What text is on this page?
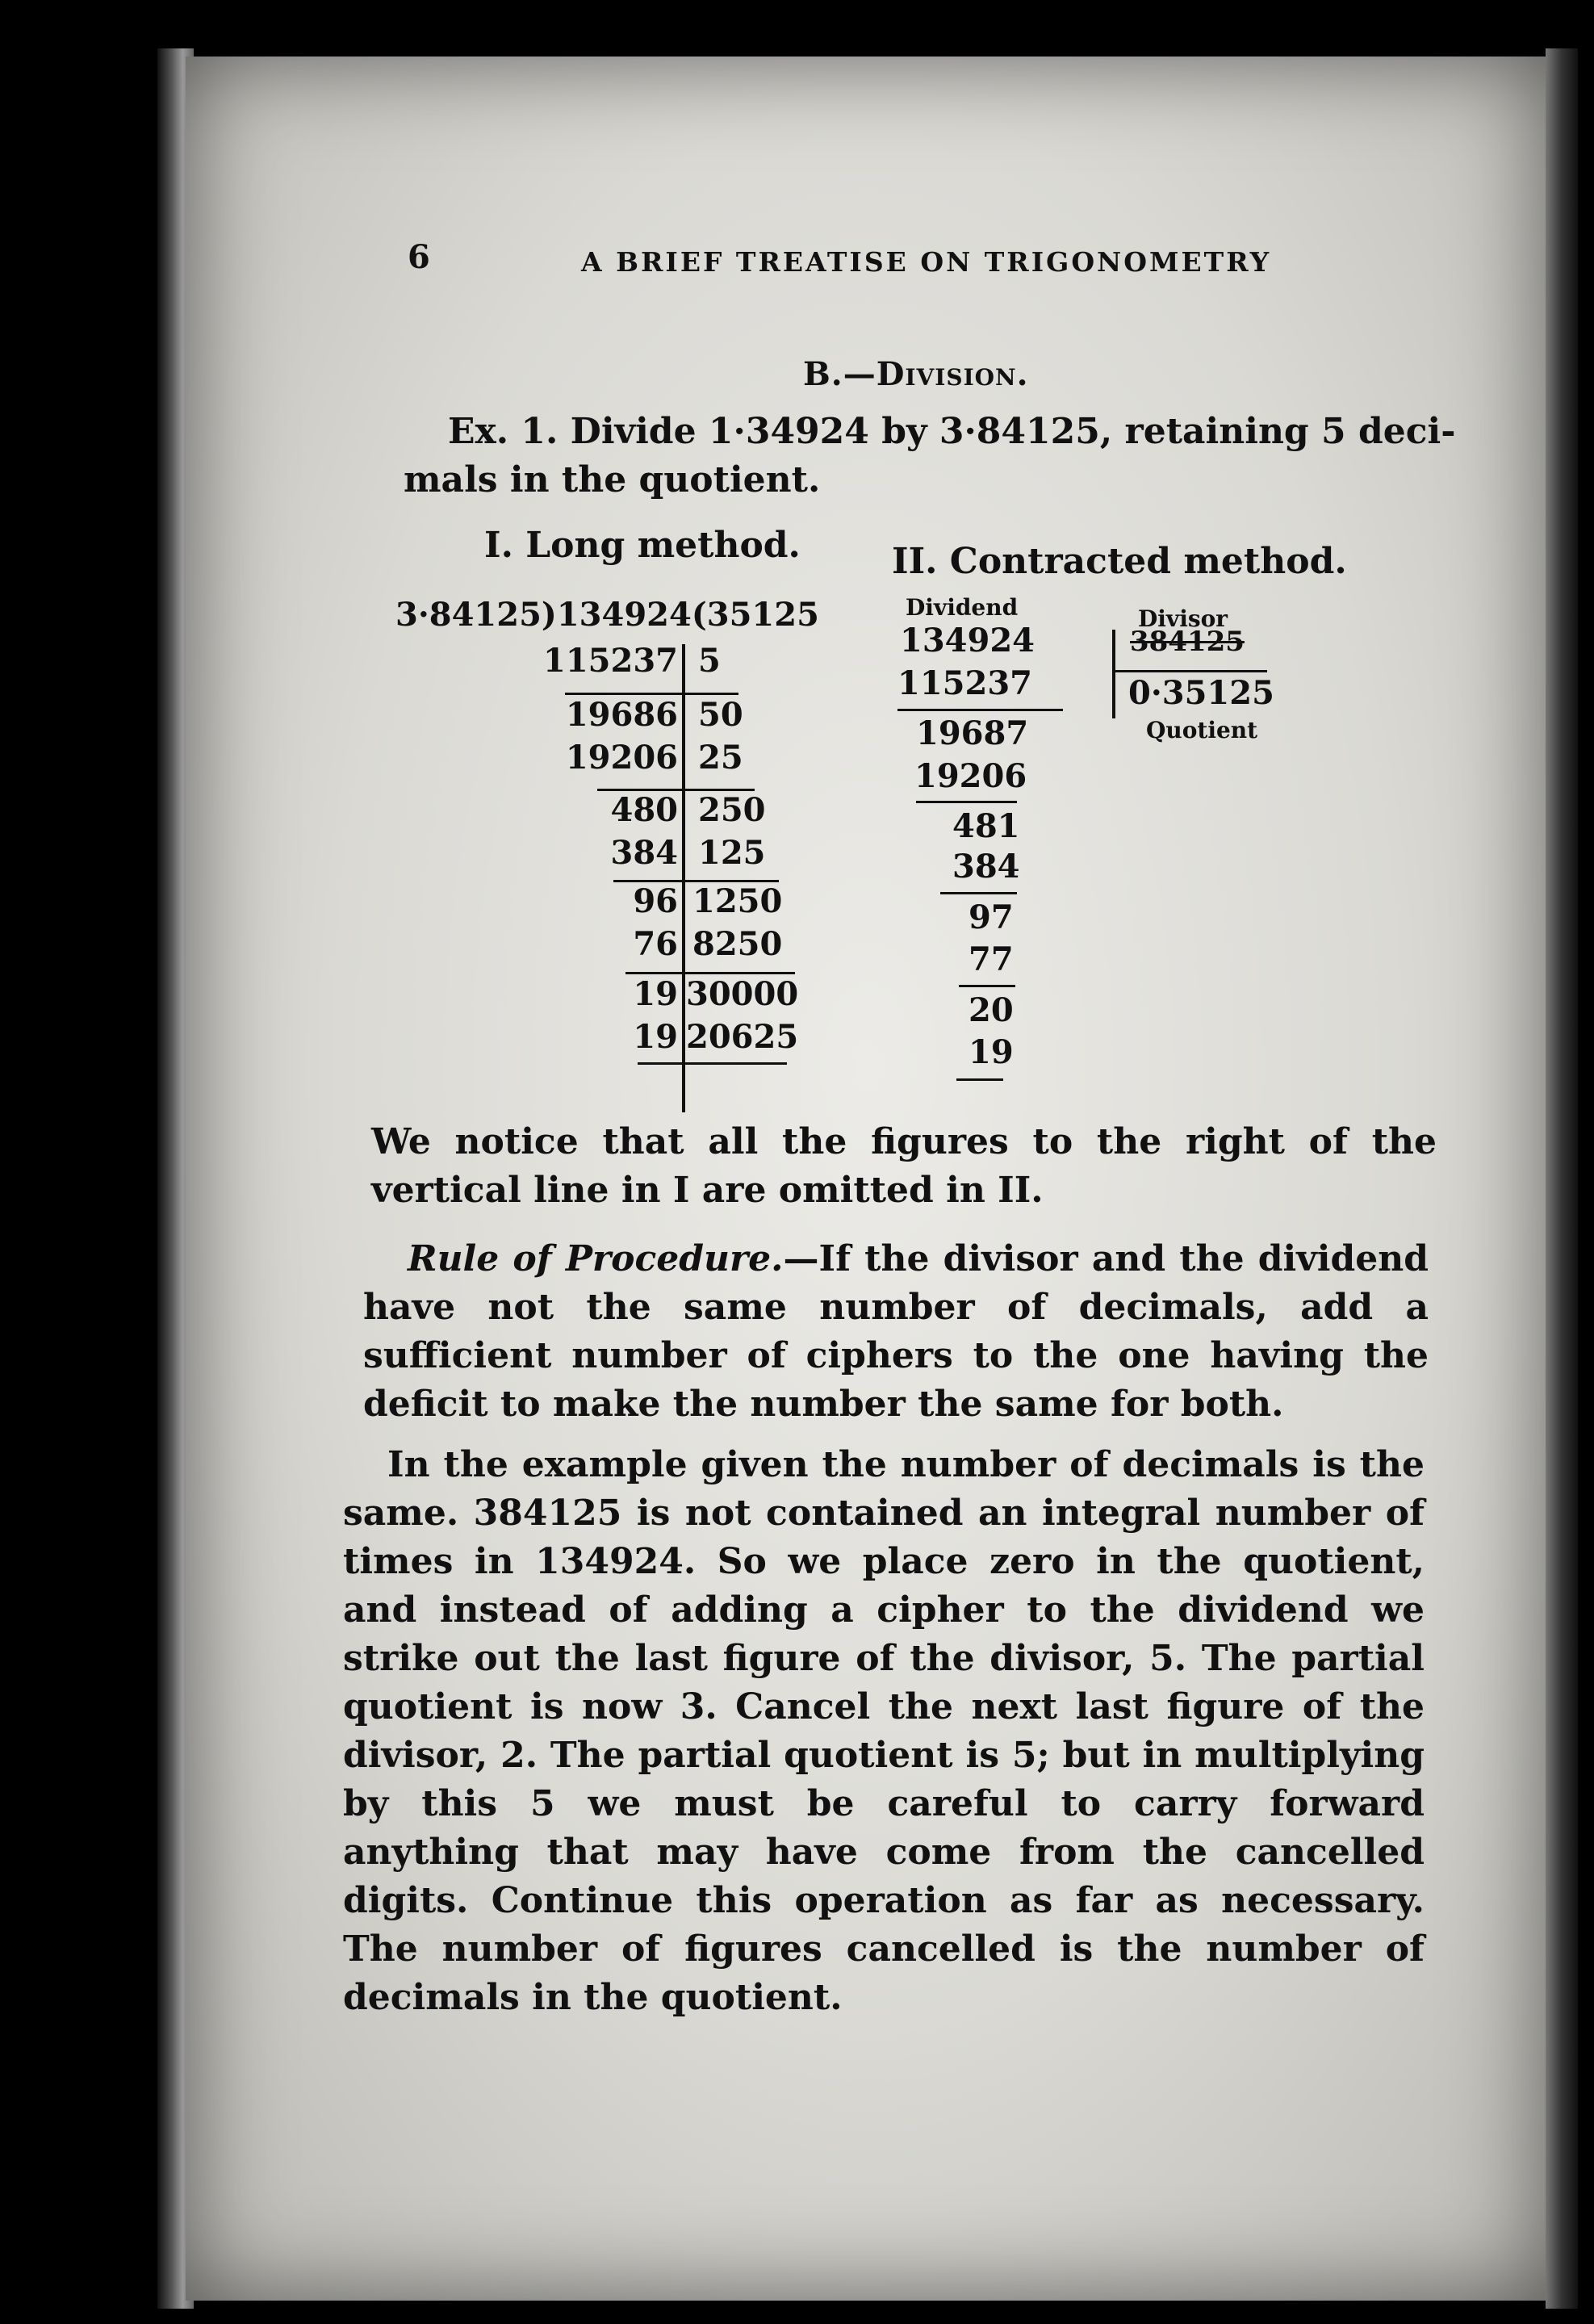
6	A BRIEF TREATISE ON TRIGONOMETRY
B.—Division.

Ex. 1. Divide 1·34924 by 3·84125, retaining 5 deci-

mals in the quotient.

I. Long method.	II. Contracted method.
3·84125)134924(35125
115237 5
19686 50
19206 25
480 250
384 125
96 1250
76 8250
19 30000
19 20625
Dividend	Divisor
384125
0·35125
Quotient
134924
115237
19687
19206
481
384
97
77
20
19
We notice that all the figures to the right of the vertical line in I are omitted in II.
Rule of Procedure.—If the divisor and the dividend have not the same number of decimals, add a sufficient number of ciphers to the one having the deficit to make the number the same for both.
In the example given the number of decimals is the same. 384125 is not contained an integral number of times in 134924. So we place zero in the quotient, and instead of adding a cipher to the dividend we strike out the last figure of the divisor, 5. The partial quotient is now 3. Cancel the next last figure of the divisor, 2. The partial quotient is 5; but in multiplying by this 5 we must be careful to carry forward anything that may have come from the cancelled digits. Continue this operation as far as necessary. The number of figures cancelled is the number of decimals in the quotient.
